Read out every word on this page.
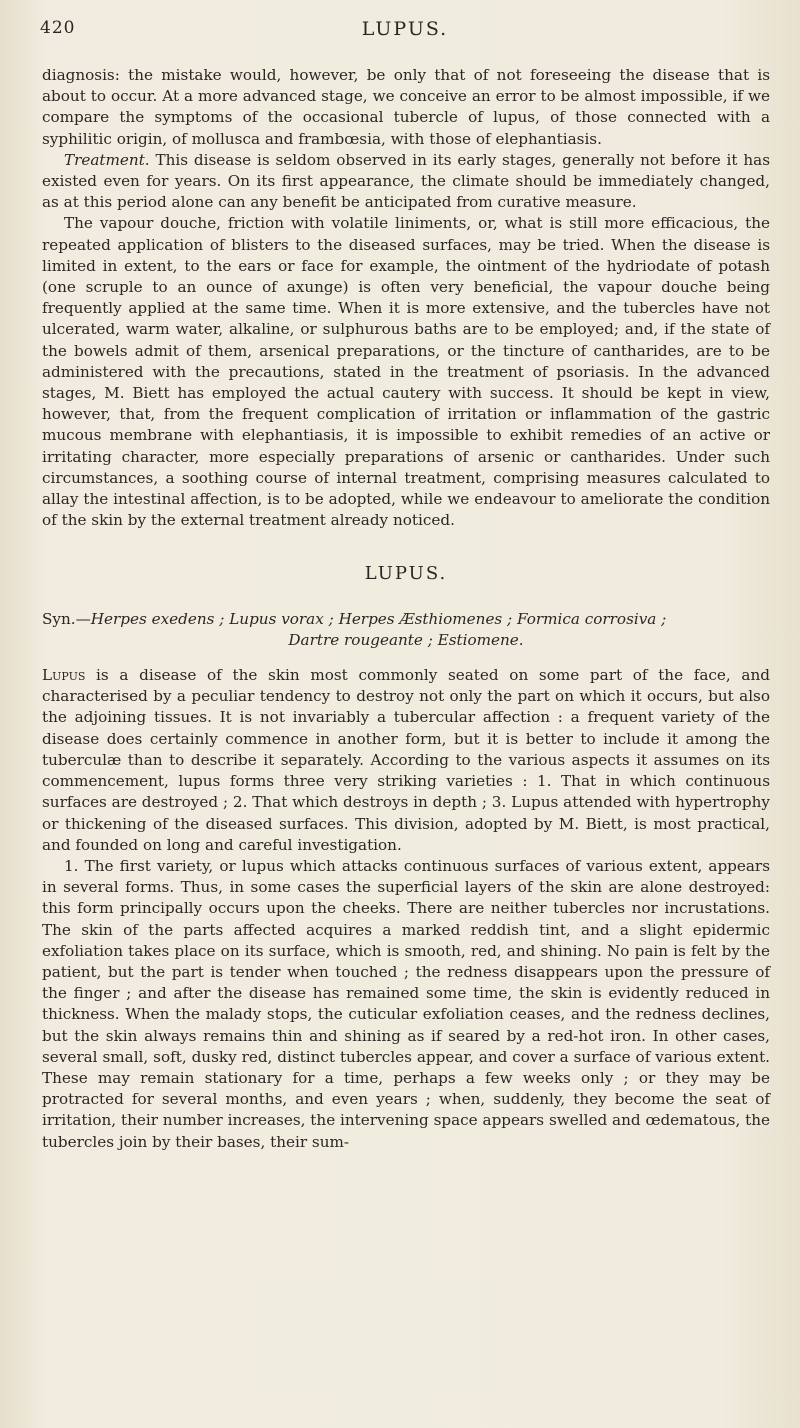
420	LUPUS.

diagnosis: the mistake would, however, be only that of not foreseeing the disease that is about to occur. At a more advanced stage, we conceive an error to be almost impossible, if we compare the symptoms of the occasional tubercle of lupus, of those connected with a syphilitic origin, of mollusca and frambœsia, with those of elephantiasis.

Treatment. This disease is seldom observed in its early stages, generally not before it has existed even for years. On its first appearance, the climate should be immediately changed, as at this period alone can any benefit be anticipated from curative measure.

The vapour douche, friction with volatile liniments, or, what is still more efficacious, the repeated application of blisters to the diseased surfaces, may be tried. When the disease is limited in extent, to the ears or face for example, the ointment of the hydriodate of potash (one scruple to an ounce of axunge) is often very beneficial, the vapour douche being frequently applied at the same time. When it is more extensive, and the tubercles have not ulcerated, warm water, alkaline, or sulphurous baths are to be employed; and, if the state of the bowels admit of them, arsenical preparations, or the tincture of cantharides, are to be administered with the precautions, stated in the treatment of psoriasis. In the advanced stages, M. Biett has employed the actual cautery with success. It should be kept in view, however, that, from the frequent complication of irritation or inflammation of the gastric mucous membrane with elephantiasis, it is impossible to exhibit remedies of an active or irritating character, more especially preparations of arsenic or cantharides. Under such circumstances, a soothing course of internal treatment, comprising measures calculated to allay the intestinal affection, is to be adopted, while we endeavour to ameliorate the condition of the skin by the external treatment already noticed.

LUPUS.

Syn.—Herpes exedens ; Lupus vorax ; Herpes Æsthiomenes ; Formica corrosiva ;

Dartre rougeante ; Estiomene.

Lupus is a disease of the skin most commonly seated on some part of the face, and characterised by a peculiar tendency to destroy not only the part on which it occurs, but also the adjoining tissues. It is not invariably a tubercular affection : a frequent variety of the disease does certainly commence in another form, but it is better to include it among the tuberculæ than to describe it separately. According to the various aspects it assumes on its commencement, lupus forms three very striking varieties : 1. That in which continuous surfaces are destroyed ; 2. That which destroys in depth ; 3. Lupus attended with hypertrophy or thickening of the diseased surfaces. This division, adopted by M. Biett, is most practical, and founded on long and careful investigation.

1. The first variety, or lupus which attacks continuous surfaces of various extent, appears in several forms. Thus, in some cases the superficial layers of the skin are alone destroyed: this form principally occurs upon the cheeks. There are neither tubercles nor incrustations. The skin of the parts affected acquires a marked reddish tint, and a slight epidermic exfoliation takes place on its surface, which is smooth, red, and shining. No pain is felt by the patient, but the part is tender when touched ; the redness disappears upon the pressure of the finger ; and after the disease has remained some time, the skin is evidently reduced in thickness. When the malady stops, the cuticular exfoliation ceases, and the redness declines, but the skin always remains thin and shining as if seared by a red-hot iron. In other cases, several small, soft, dusky red, distinct tubercles appear, and cover a surface of various extent. These may remain stationary for a time, perhaps a few weeks only ; or they may be protracted for several months, and even years ; when, suddenly, they become the seat of irritation, their number increases, the intervening space appears swelled and œdematous, the tubercles join by their bases, their sum-
